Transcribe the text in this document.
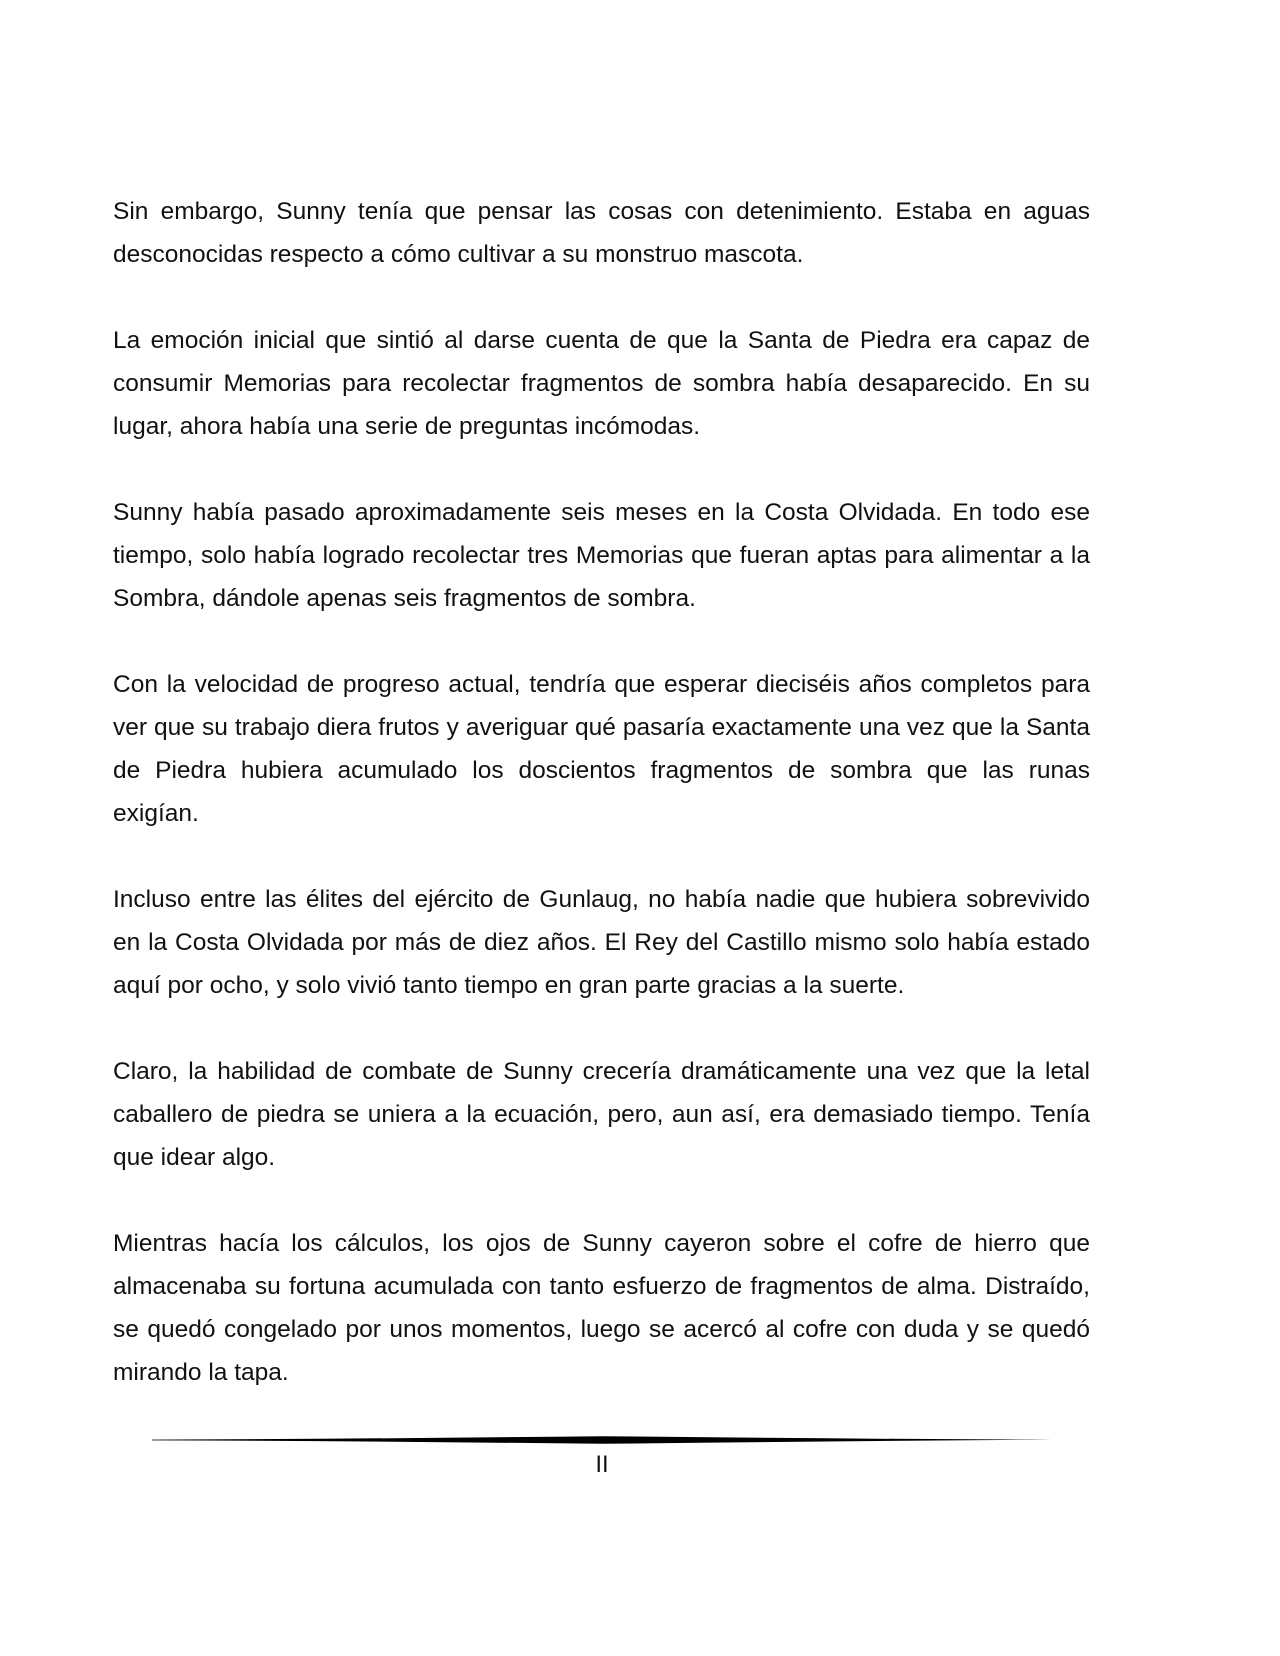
Sin embargo, Sunny tenía que pensar las cosas con detenimiento. Estaba en aguas desconocidas respecto a cómo cultivar a su monstruo mascota.

La emoción inicial que sintió al darse cuenta de que la Santa de Piedra era capaz de consumir Memorias para recolectar fragmentos de sombra había desaparecido. En su lugar, ahora había una serie de preguntas incómodas.

Sunny había pasado aproximadamente seis meses en la Costa Olvidada. En todo ese tiempo, solo había logrado recolectar tres Memorias que fueran aptas para alimentar a la Sombra, dándole apenas seis fragmentos de sombra.

Con la velocidad de progreso actual, tendría que esperar dieciséis años completos para ver que su trabajo diera frutos y averiguar qué pasaría exactamente una vez que la Santa de Piedra hubiera acumulado los doscientos fragmentos de sombra que las runas exigían.

Incluso entre las élites del ejército de Gunlaug, no había nadie que hubiera sobrevivido en la Costa Olvidada por más de diez años. El Rey del Castillo mismo solo había estado aquí por ocho, y solo vivió tanto tiempo en gran parte gracias a la suerte.

Claro, la habilidad de combate de Sunny crecería dramáticamente una vez que la letal caballero de piedra se uniera a la ecuación, pero, aun así, era demasiado tiempo. Tenía que idear algo.

Mientras hacía los cálculos, los ojos de Sunny cayeron sobre el cofre de hierro que almacenaba su fortuna acumulada con tanto esfuerzo de fragmentos de alma. Distraído, se quedó congelado por unos momentos, luego se acercó al cofre con duda y se quedó mirando la tapa.

II
